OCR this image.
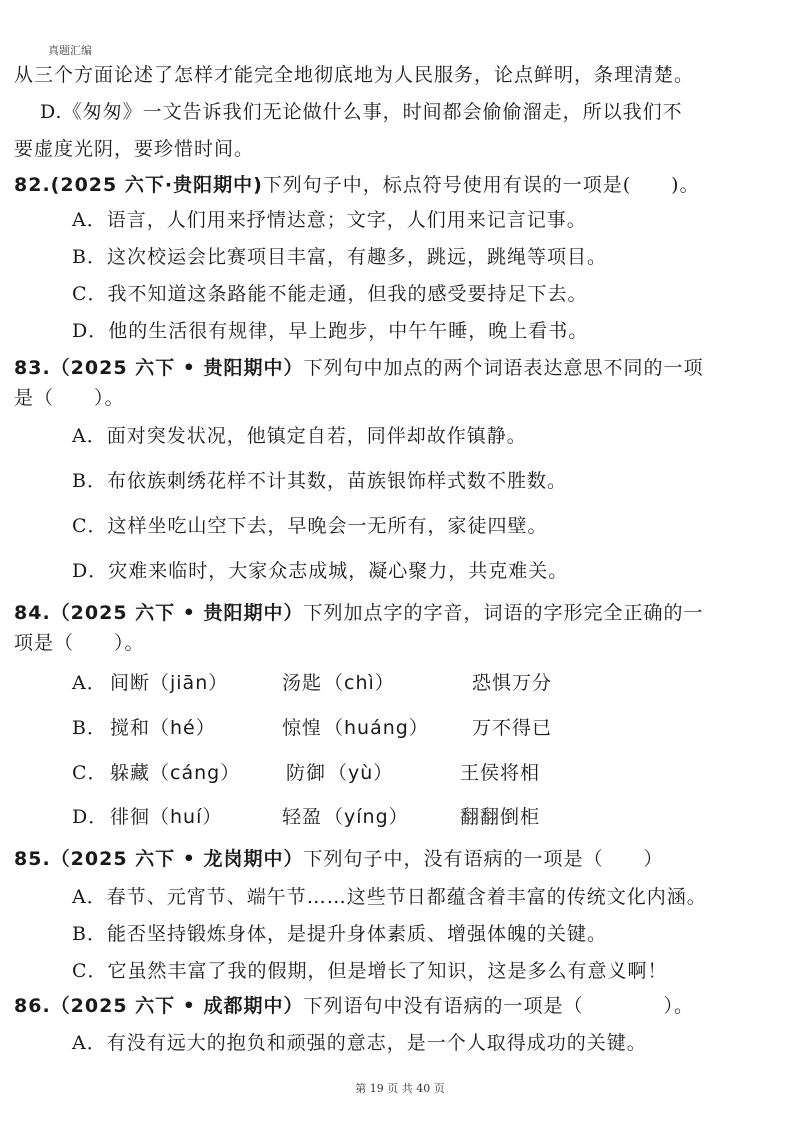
真题汇编
从三个方面论述了怎样才能完全地彻底地为人民服务，论点鲜明，条理清楚。
D.《匆匆》一文告诉我们无论做什么事，时间都会偷偷溜走，所以我们不
要虚度光阴，要珍惜时间。
82.(2025 六下·贵阳期中)下列句子中，标点符号使用有误的一项是(　　)。
A．语言，人们用来抒情达意；文字，人们用来记言记事。
B．这次校运会比赛项目丰富，有趣多，跳远，跳绳等项目。
C．我不知道这条路能不能走通，但我的感受要持足下去。
D．他的生活很有规律，早上跑步，中午午睡，晚上看书。
83.（2025 六下 • 贵阳期中）下列句中加点的两个词语表达意思不同的一项
是（　　）。
A．面对突发状况，他镇定自若，同伴却故作镇静。
B．布依族刺绣花样不计其数，苗族银饰样式数不胜数。
C．这样坐吃山空下去，早晚会一无所有，家徒四壁。
D．灾难来临时，大家众志成城，凝心聚力，共克难关。
84.（2025 六下 • 贵阳期中）下列加点字的字音，词语的字形完全正确的一
项是（　　）。
A． 间断 （jiān）	汤匙 （chì）	恐惧万分
B． 搅和 （hé）	惊惶 （huáng） 万不得已
C． 躲藏 （cáng） 防御 （yù）	王侯将相
D． 徘徊 （huí）	轻盈 （yíng）	翻翻倒柜
85.（2025 六下 • 龙岗期中）下列句子中，没有语病的一项是（　　）
A．春节、元宵节、端午节……这些节日都蕴含着丰富的传统文化内涵。
B．能否坚持锻炼身体，是提升身体素质、增强体魄的关键。
C．它虽然丰富了我的假期，但是增长了知识，这是多么有意义啊！
86.（2025 六下 • 成都期中）下列语句中没有语病的一项是（　　　　）。
A．有没有远大的抱负和顽强的意志，是一个人取得成功的关键。
第 19 页 共 40 页
